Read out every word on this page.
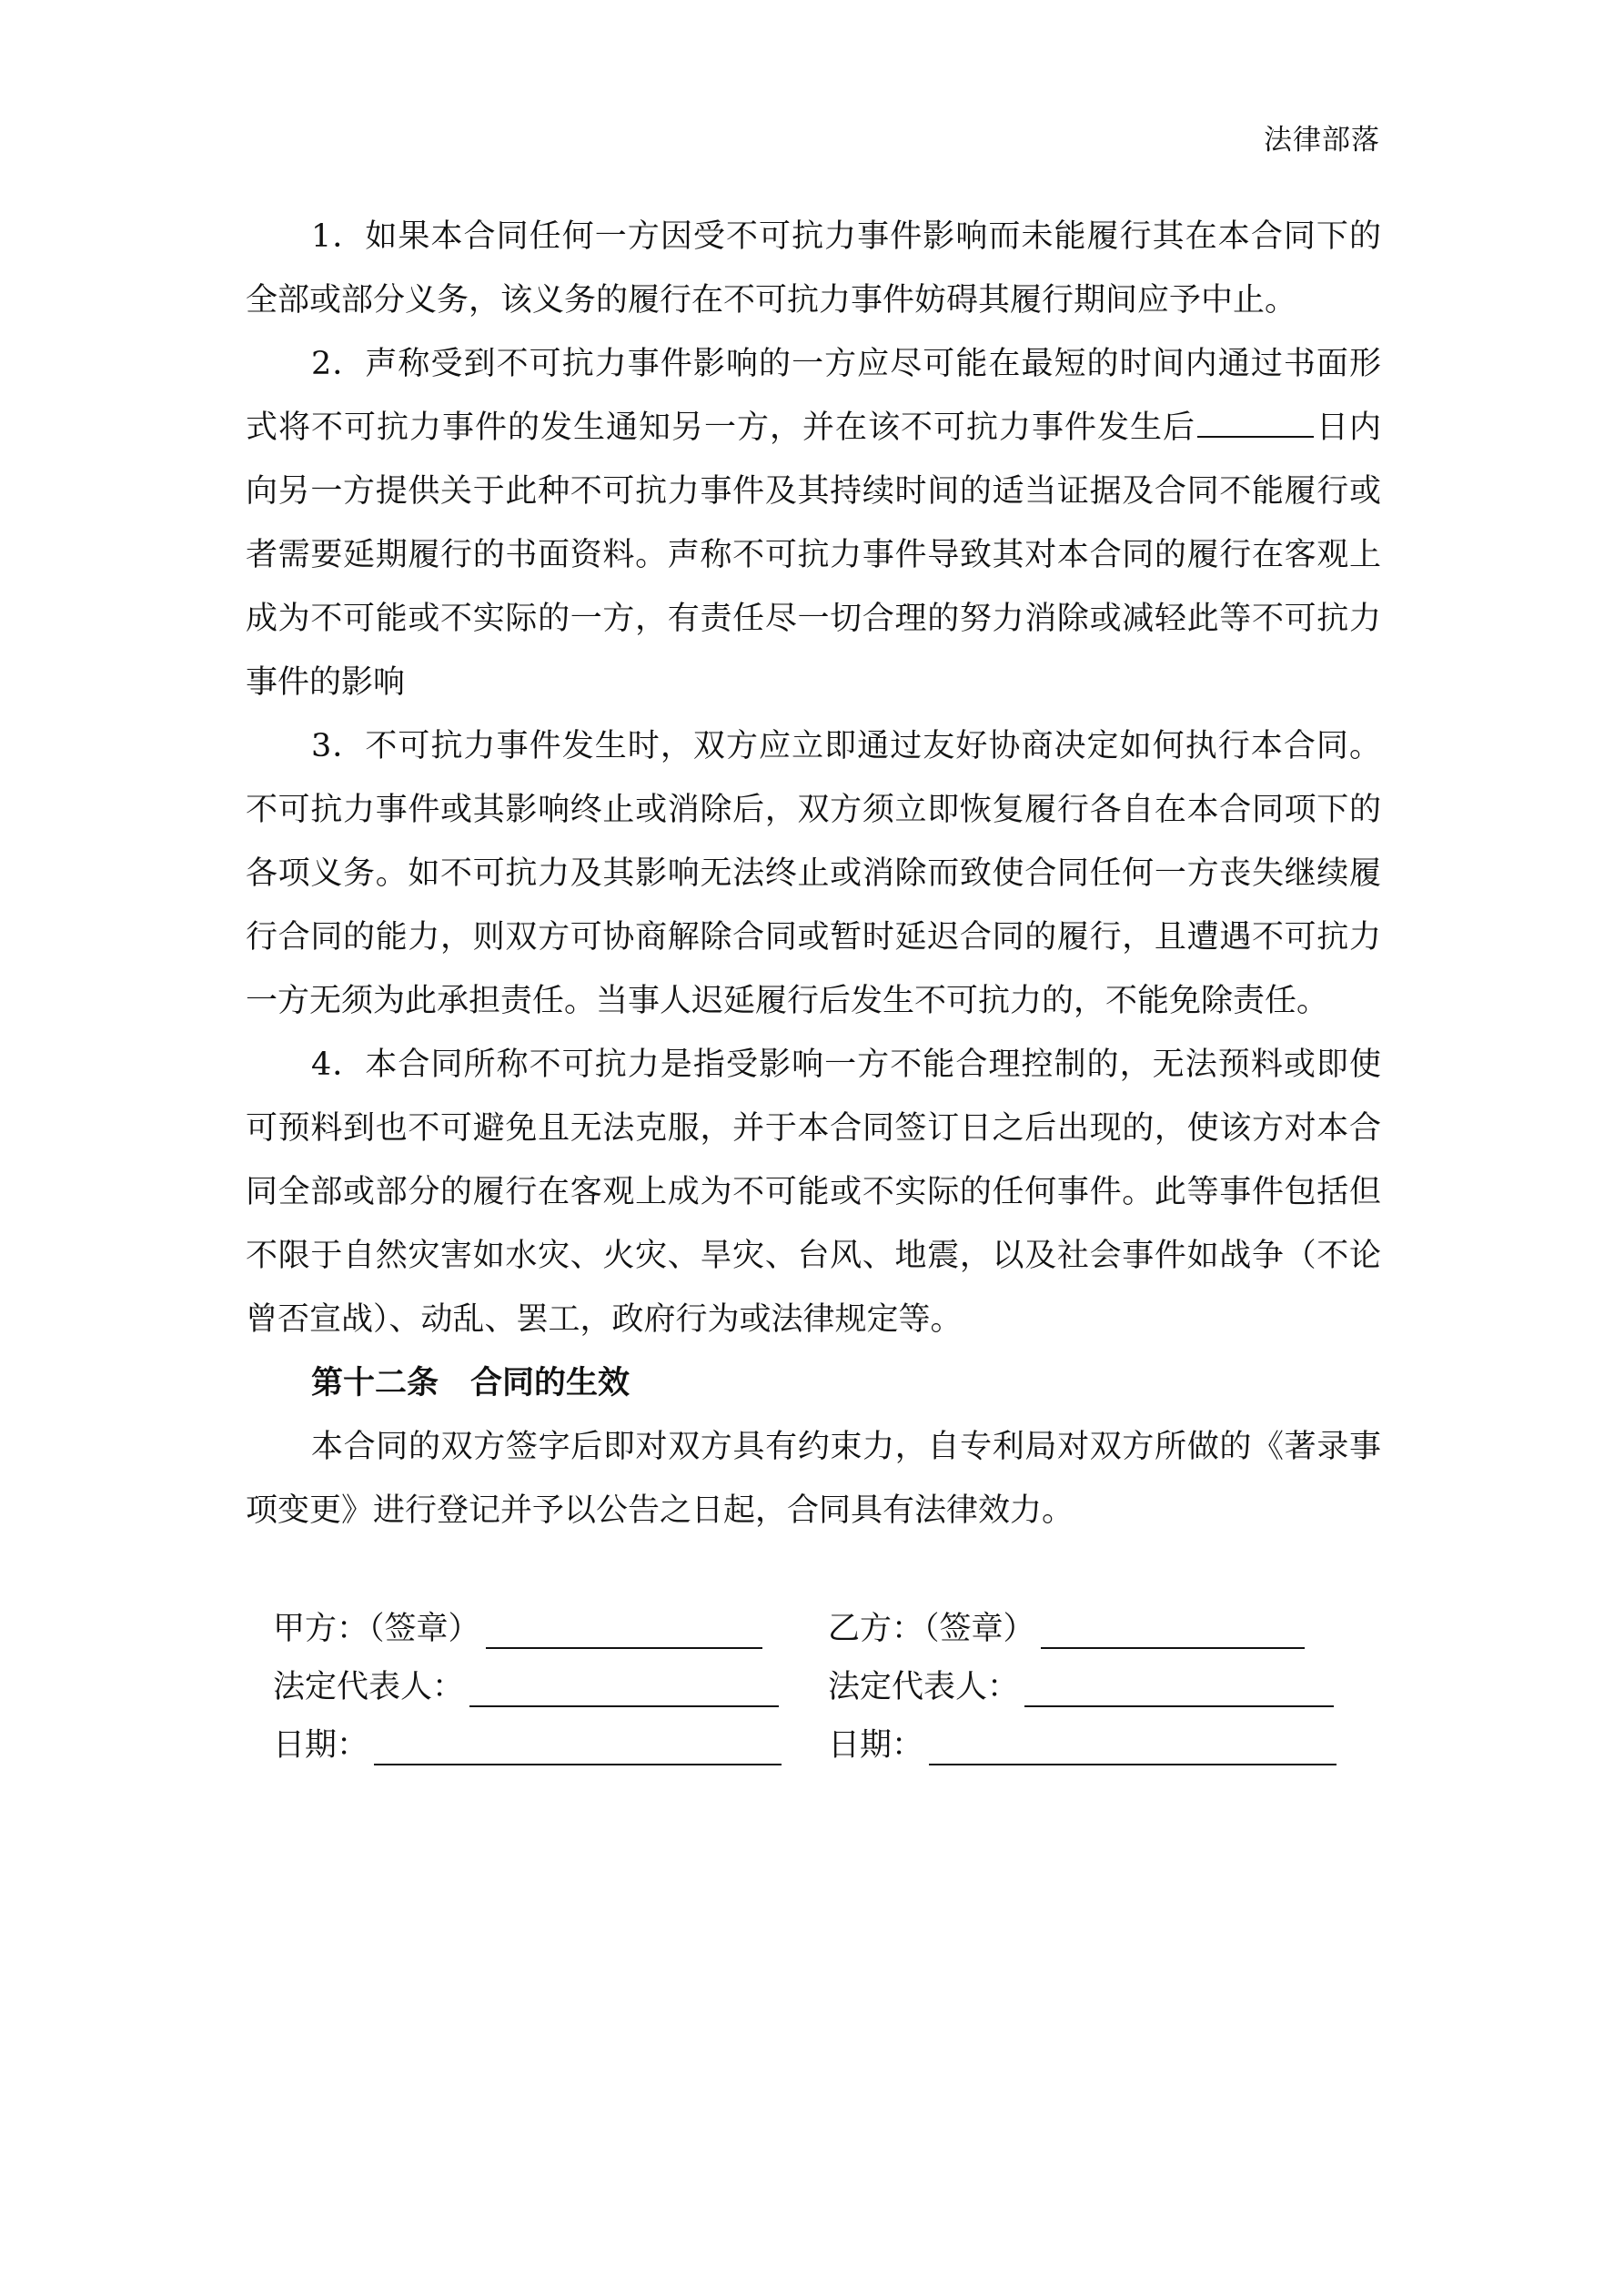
法律部落

1．如果本合同任何一方因受不可抗力事件影响而未能履行其在本合同下的全部或部分义务，该义务的履行在不可抗力事件妨碍其履行期间应予中止。

2．声称受到不可抗力事件影响的一方应尽可能在最短的时间内通过书面形式将不可抗力事件的发生通知另一方，并在该不可抗力事件发生后	日内向另一方提供关于此种不可抗力事件及其持续时间的适当证据及合同不能履行或者需要延期履行的书面资料。声称不可抗力事件导致其对本合同的履行在客观上成为不可能或不实际的一方，有责任尽一切合理的努力消除或减轻此等不可抗力事件的影响

3．不可抗力事件发生时，双方应立即通过友好协商决定如何执行本合同。不可抗力事件或其影响终止或消除后，双方须立即恢复履行各自在本合同项下的各项义务。如不可抗力及其影响无法终止或消除而致使合同任何一方丧失继续履行合同的能力，则双方可协商解除合同或暂时延迟合同的履行，且遭遇不可抗力一方无须为此承担责任。当事人迟延履行后发生不可抗力的，不能免除责任。

4．本合同所称不可抗力是指受影响一方不能合理控制的，无法预料或即使可预料到也不可避免且无法克服，并于本合同签订日之后出现的，使该方对本合同全部或部分的履行在客观上成为不可能或不实际的任何事件。此等事件包括但不限于自然灾害如水灾、火灾、旱灾、台风、地震，以及社会事件如战争（不论曾否宣战）、动乱、罢工，政府行为或法律规定等。

第十二条　合同的生效

本合同的双方签字后即对双方具有约束力，自专利局对双方所做的《著录事项变更》进行登记并予以公告之日起，合同具有法律效力。

甲方：（签章）	乙方：（签章）
法定代表人：	法定代表人：
日期：	日期：
